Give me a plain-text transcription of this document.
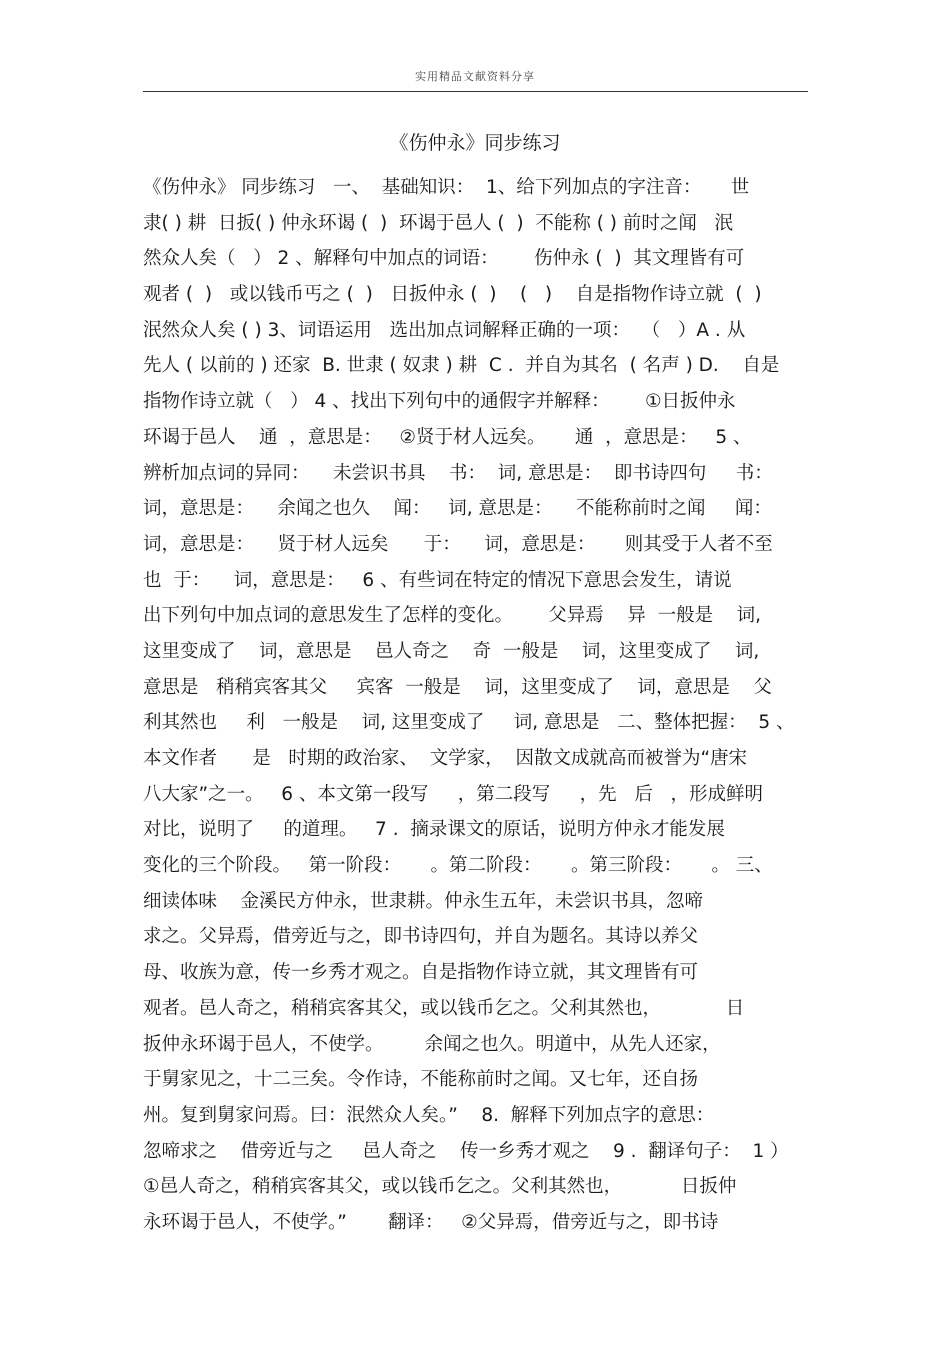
实用精品文献资料分享
《伤仲永》同步练习
《伤仲永》 同步练习   一、  基础知识：  1、给下列加点的字注音：     世
隶( ) 耕  日扳( ) 仲永环谒 (  )  环谒于邑人 (  )  不能称 ( ) 前时之闻   泯
然众人矣（   ） 2 、解释句中加点的词语：      伤仲永 (  )  其文理皆有可
观者 (  )   或以钱币丐之 (  )   日扳仲永 (  )    (   )    自是指物作诗立就  (  )
泯然众人矣 ( ) 3、词语运用   选出加点词解释正确的一项：  （   ）A . 从
先人 ( 以前的 ) 还家  B. 世隶 ( 奴隶 ) 耕  C .  并自为其名  ( 名声 ) D.    自是
指物作诗立就（   ） 4 、找出下列句中的通假字并解释：      ①日扳仲永
环谒于邑人    通  ，意思是：   ②贤于材人远矣。     通  ，意思是：   5 、
辨析加点词的异同：    未尝识书具    书：  词, 意思是：  即书诗四句     书：
词，意思是：    余闻之也久    闻：   词, 意思是：    不能称前时之闻     闻：
词，意思是：    贤于材人远矣      于：    词，意思是：     则其受于人者不至
也  于：    词，意思是：   6 、有些词在特定的情况下意思会发生，请说
出下列句中加点词的意思发生了怎样的变化。      父异焉    异  一般是    词,
这里变成了    词，意思是    邑人奇之    奇  一般是    词，这里变成了    词,
意思是   稍稍宾客其父     宾客  一般是    词，这里变成了    词，意思是    父
利其然也     利   一般是    词, 这里变成了     词, 意思是   二、整体把握：  5 、
本文作者      是   时期的政治家、  文学家，  因散文成就高而被誉为“唐宋
八大家”之一。   6 、本文第一段写     ，第二段写     ，先   后   ，形成鲜明
对比，说明了     的道理。   7 .  摘录课文的原话，说明方仲永才能发展
变化的三个阶段。   第一阶段：     。第二阶段：     。第三阶段：     。 三、
细读体味    金溪民方仲永，世隶耕。仲永生五年，未尝识书具，忽啼
求之。父异焉，借旁近与之，即书诗四句，并自为题名。其诗以养父
母、收族为意，传一乡秀才观之。自是指物作诗立就，其文理皆有可
观者。邑人奇之，稍稍宾客其父，或以钱币乞之。父利其然也，           日
扳仲永环谒于邑人，不使学。       余闻之也久。明道中，从先人还家，
于舅家见之，十二三矣。令作诗，不能称前时之闻。又七年，还自扬
州。复到舅家问焉。曰：泯然众人矣。”    8.  解释下列加点字的意思：
忽啼求之    借旁近与之     邑人奇之    传一乡秀才观之    9 .  翻译句子：  1 ）
①邑人奇之，稍稍宾客其父，或以钱币乞之。父利其然也，          日扳仲
永环谒于邑人，不使学。”       翻译：   ②父异焉，借旁近与之，即书诗
